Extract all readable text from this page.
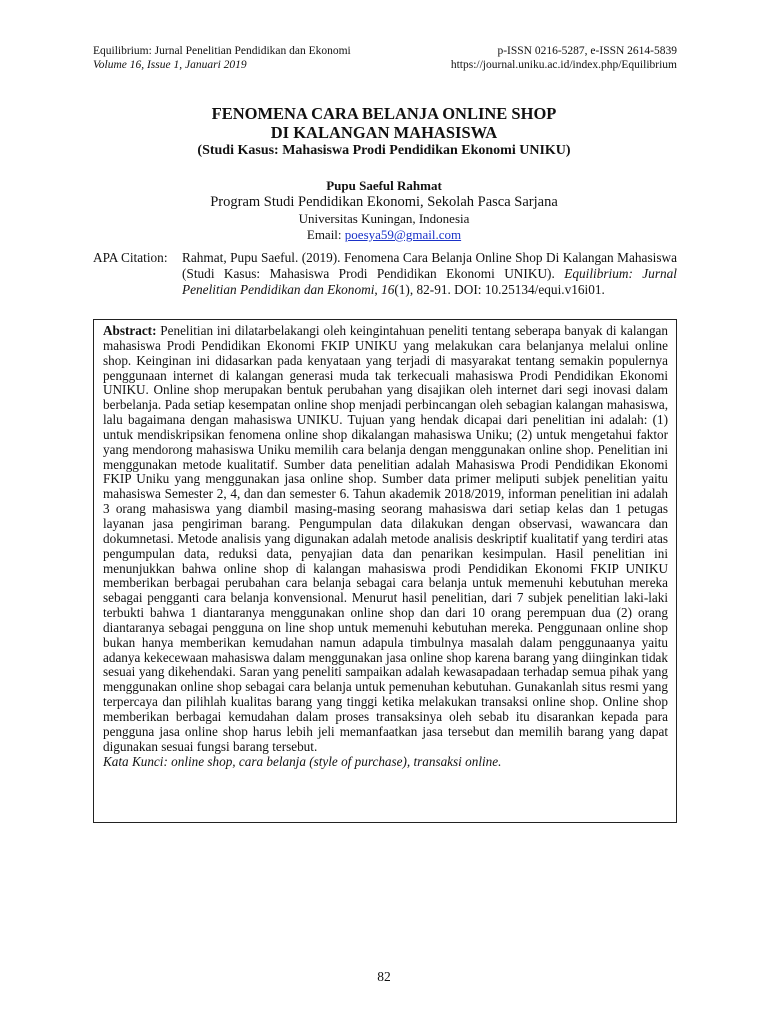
Equilibrium: Jurnal Penelitian Pendidikan dan Ekonomi	p-ISSN 0216-5287, e-ISSN 2614-5839
Volume 16, Issue 1, Januari 2019	https://journal.uniku.ac.id/index.php/Equilibrium
FENOMENA CARA BELANJA ONLINE SHOP
DI KALANGAN MAHASISWA
(Studi Kasus: Mahasiswa Prodi Pendidikan Ekonomi UNIKU)
Pupu Saeful Rahmat
Program Studi Pendidikan Ekonomi, Sekolah Pasca Sarjana
Universitas Kuningan, Indonesia
Email: poesya59@gmail.com
APA Citation: Rahmat, Pupu Saeful. (2019). Fenomena Cara Belanja Online Shop Di Kalangan Mahasiswa (Studi Kasus: Mahasiswa Prodi Pendidikan Ekonomi UNIKU). Equilibrium: Jurnal Penelitian Pendidikan dan Ekonomi, 16(1), 82-91. DOI: 10.25134/equi.v16i01.
Abstract: Penelitian ini dilatarbelakangi oleh keingintahuan peneliti tentang seberapa banyak di kalangan mahasiswa Prodi Pendidikan Ekonomi FKIP UNIKU yang melakukan cara belanjanya melalui online shop. Keinginan ini didasarkan pada kenyataan yang terjadi di masyarakat tentang semakin populernya penggunaan internet di kalangan generasi muda tak terkecuali mahasiswa Prodi Pendidikan Ekonomi UNIKU. Online shop merupakan bentuk perubahan yang disajikan oleh internet dari segi inovasi dalam berbelanja. Pada setiap kesempatan online shop menjadi perbincangan oleh sebagian kalangan mahasiswa, lalu bagaimana dengan mahasiswa UNIKU. Tujuan yang hendak dicapai dari penelitian ini adalah: (1) untuk mendiskripsikan fenomena online shop dikalangan mahasiswa Uniku; (2) untuk mengetahui faktor yang mendorong mahasiswa Uniku memilih cara belanja dengan menggunakan online shop. Penelitian ini menggunakan metode kualitatif. Sumber data penelitian adalah Mahasiswa Prodi Pendidikan Ekonomi FKIP Uniku yang menggunakan jasa online shop. Sumber data primer meliputi subjek penelitian yaitu mahasiswa Semester 2, 4, dan dan semester 6. Tahun akademik 2018/2019, informan penelitian ini adalah 3 orang mahasiswa yang diambil masing-masing seorang mahasiswa dari setiap kelas dan 1 petugas layanan jasa pengiriman barang. Pengumpulan data dilakukan dengan observasi, wawancara dan dokumnetasi. Metode analisis yang digunakan adalah metode analisis deskriptif kualitatif yang terdiri atas pengumpulan data, reduksi data, penyajian data dan penarikan kesimpulan. Hasil penelitian ini menunjukkan bahwa online shop di kalangan mahasiswa prodi Pendidikan Ekonomi FKIP UNIKU memberikan berbagai perubahan cara belanja sebagai cara belanja untuk memenuhi kebutuhan mereka sebagai pengganti cara belanja konvensional. Menurut hasil penelitian, dari 7 subjek penelitian laki-laki terbukti bahwa 1 diantaranya menggunakan online shop dan dari 10 orang perempuan dua (2) orang diantaranya sebagai pengguna on line shop untuk memenuhi kebutuhan mereka. Penggunaan online shop bukan hanya memberikan kemudahan namun adapula timbulnya masalah dalam penggunaanya yaitu adanya kekecewaan mahasiswa dalam menggunakan jasa online shop karena barang yang diinginkan tidak sesuai yang dikehendaki. Saran yang peneliti sampaikan adalah kewasapadaan terhadap semua pihak yang menggunakan online shop sebagai cara belanja untuk pemenuhan kebutuhan. Gunakanlah situs resmi yang terpercaya dan pilihlah kualitas barang yang tinggi ketika melakukan transaksi online shop. Online shop memberikan berbagai kemudahan dalam proses transaksinya oleh sebab itu disarankan kepada para pengguna jasa online shop harus lebih jeli memanfaatkan jasa tersebut dan memilih barang yang dapat digunakan sesuai fungsi barang tersebut.
Kata Kunci: online shop, cara belanja (style of purchase), transaksi online.
82
